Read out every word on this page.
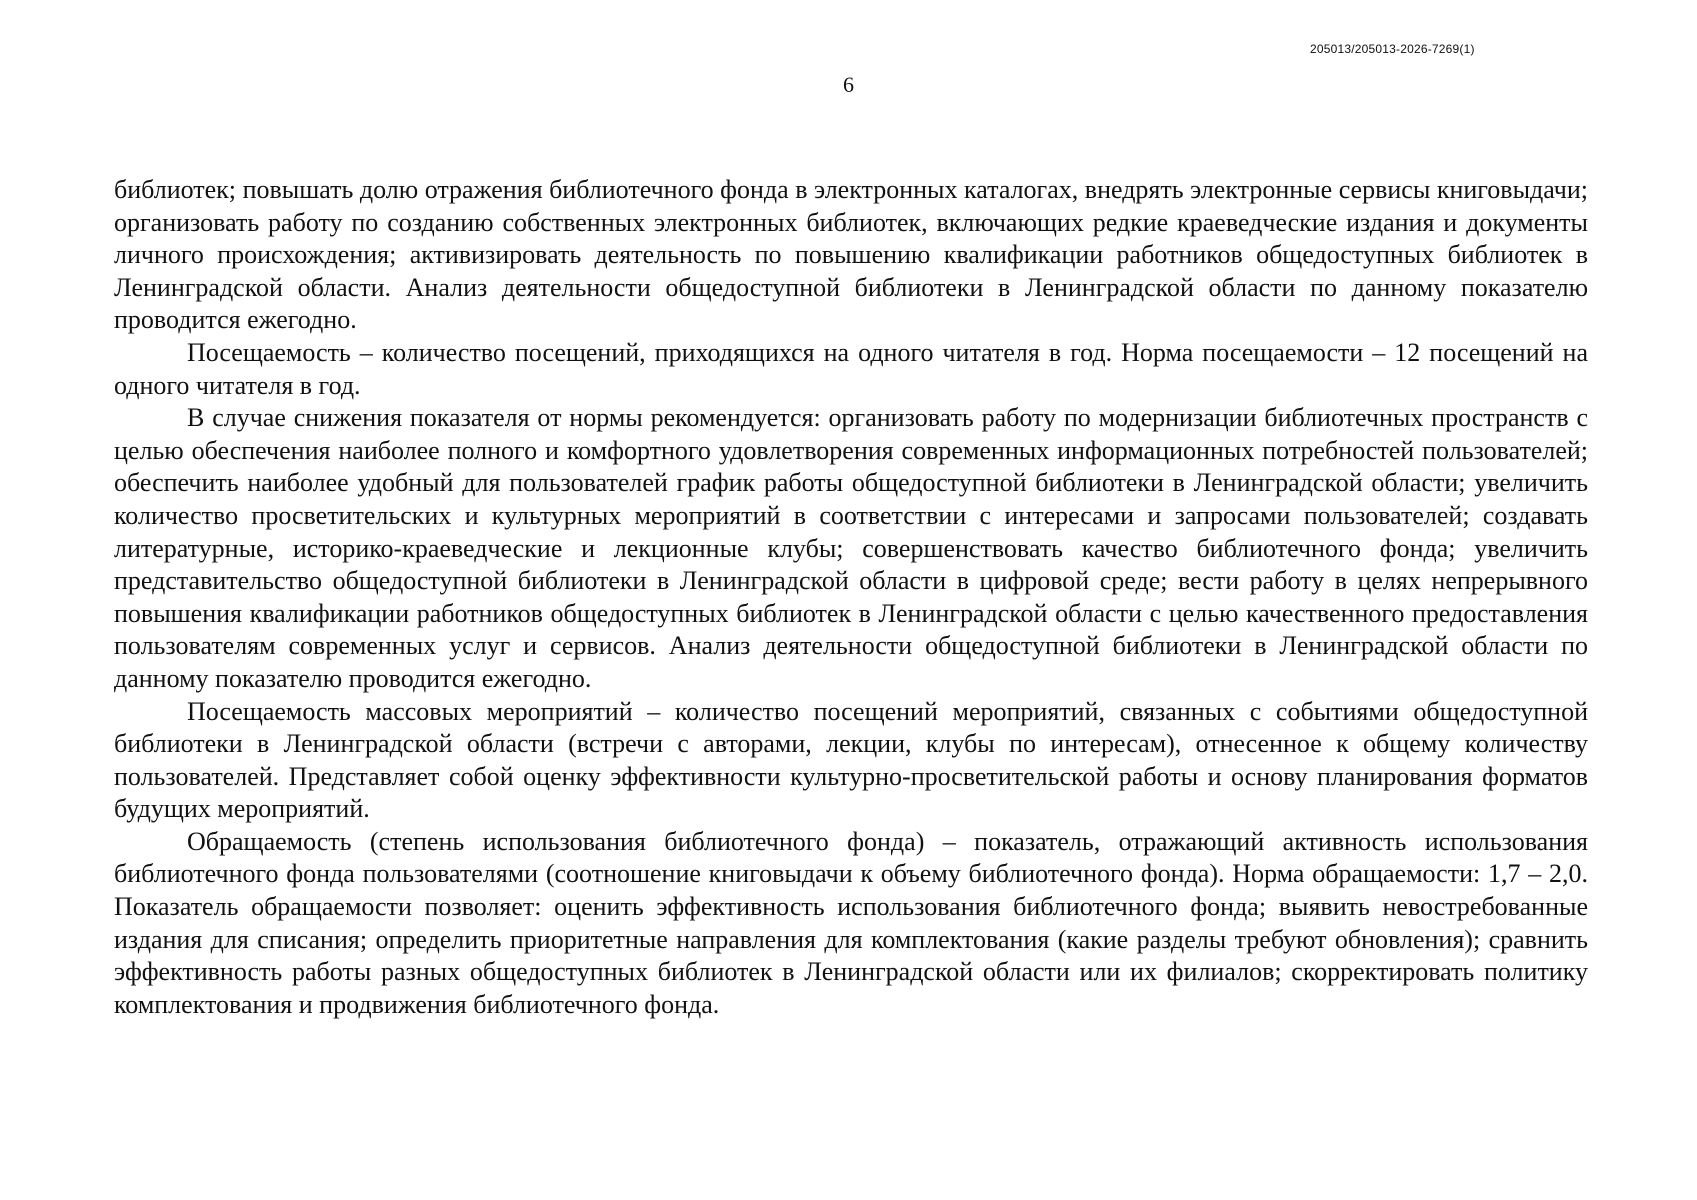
205013/205013-2026-7269(1)
6

библиотек; повышать долю отражения библиотечного фонда в электронных каталогах, внедрять электронные сервисы книговыдачи; организовать работу по созданию собственных электронных библиотек, включающих редкие краеведческие издания и документы личного происхождения; активизировать деятельность по повышению квалификации работников общедоступных библиотек в Ленинградской области. Анализ деятельности общедоступной библиотеки в Ленинградской области по данному показателю проводится ежегодно.

Посещаемость – количество посещений, приходящихся на одного читателя в год. Норма посещаемости – 12 посещений на одного читателя в год.

В случае снижения показателя от нормы рекомендуется: организовать работу по модернизации библиотечных пространств с целью обеспечения наиболее полного и комфортного удовлетворения современных информационных потребностей пользователей; обеспечить наиболее удобный для пользователей график работы общедоступной библиотеки в Ленинградской области; увеличить количество просветительских и культурных мероприятий в соответствии с интересами и запросами пользователей; создавать литературные, историко-краеведческие и лекционные клубы; совершенствовать качество библиотечного фонда; увеличить представительство общедоступной библиотеки в Ленинградской области в цифровой среде; вести работу в целях непрерывного повышения квалификации работников общедоступных библиотек в Ленинградской области с целью качественного предоставления пользователям современных услуг и сервисов. Анализ деятельности общедоступной библиотеки в Ленинградской области по данному показателю проводится ежегодно.

Посещаемость массовых мероприятий – количество посещений мероприятий, связанных с событиями общедоступной библиотеки в Ленинградской области (встречи с авторами, лекции, клубы по интересам), отнесенное к общему количеству пользователей. Представляет собой оценку эффективности культурно-просветительской работы и основу планирования форматов будущих мероприятий.

Обращаемость (степень использования библиотечного фонда) – показатель, отражающий активность использования библиотечного фонда пользователями (соотношение книговыдачи к объему библиотечного фонда). Норма обращаемости: 1,7 – 2,0. Показатель обращаемости позволяет: оценить эффективность использования библиотечного фонда; выявить невостребованные издания для списания; определить приоритетные направления для комплектования (какие разделы требуют обновления); сравнить эффективность работы разных общедоступных библиотек в Ленинградской области или их филиалов; скорректировать политику комплектования и продвижения библиотечного фонда.
